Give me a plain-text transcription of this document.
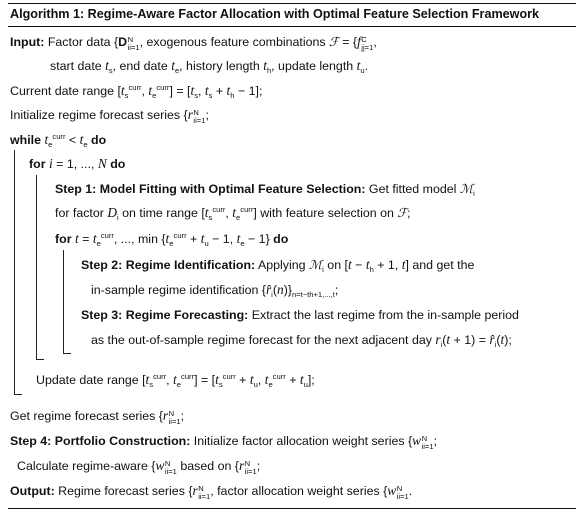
Algorithm 1: Regime-Aware Factor Allocation with Optimal Feature Selection Framework
Input: Factor data {D N
ii=1 , exogenous feature combinations ℱ = {f C
jj=1 ,
start date $t_s$, end date $t_e$, history length $t_h$, update length $t_u$.
Current date range [$t_s^{curr}$, $t_e^{curr}] = [t_s$, $t_s + t_h - 1$];
Initialize regime forecast series {r N
ii=1 ;
while $t_e^{curr} < t_e$ do
for i = 1, ..., N do
Step 1: Model Fitting with Optimal Feature Selection: Get fitted model ℳ$_i$
for factor $D_i$ on time range [$t_s^{curr}$, $t_e^{curr}$] with feature selection on ℱ;
for $t = t_e^{curr}$, ..., $\min \{t_e^{curr} + t_u - 1$, $t_e - 1$} do
Step 2: Regime Identification: Applying ℳ$_i$ on [$t - t_h + 1$, t] and get the
in-sample regime identification $\{r̂_i(n)\}_{n=t-th+1,...,t}$;
Step 3: Regime Forecasting: Extract the last regime from the in-sample period
as the out-of-sample regime forecast for the next adjacent day $r_i(t + 1)$ = $r̂_i(t)$;
Update date range [$t_s^{curr}$, $t_e^{curr}] = [t_s^{curr} + t_u$, $t_e^{curr} + t_u$];
Get regime forecast series {r N
ii=1 ;
Step 4: Portfolio Construction: Initialize factor allocation weight series {w N
ii=1 ;
Calculate regime-aware {w N
ii=1 based on {r N
ii=1 ;
Output: Regime forecast series {r N
ii=1 , factor allocation weight series {w N
ii=1 .
